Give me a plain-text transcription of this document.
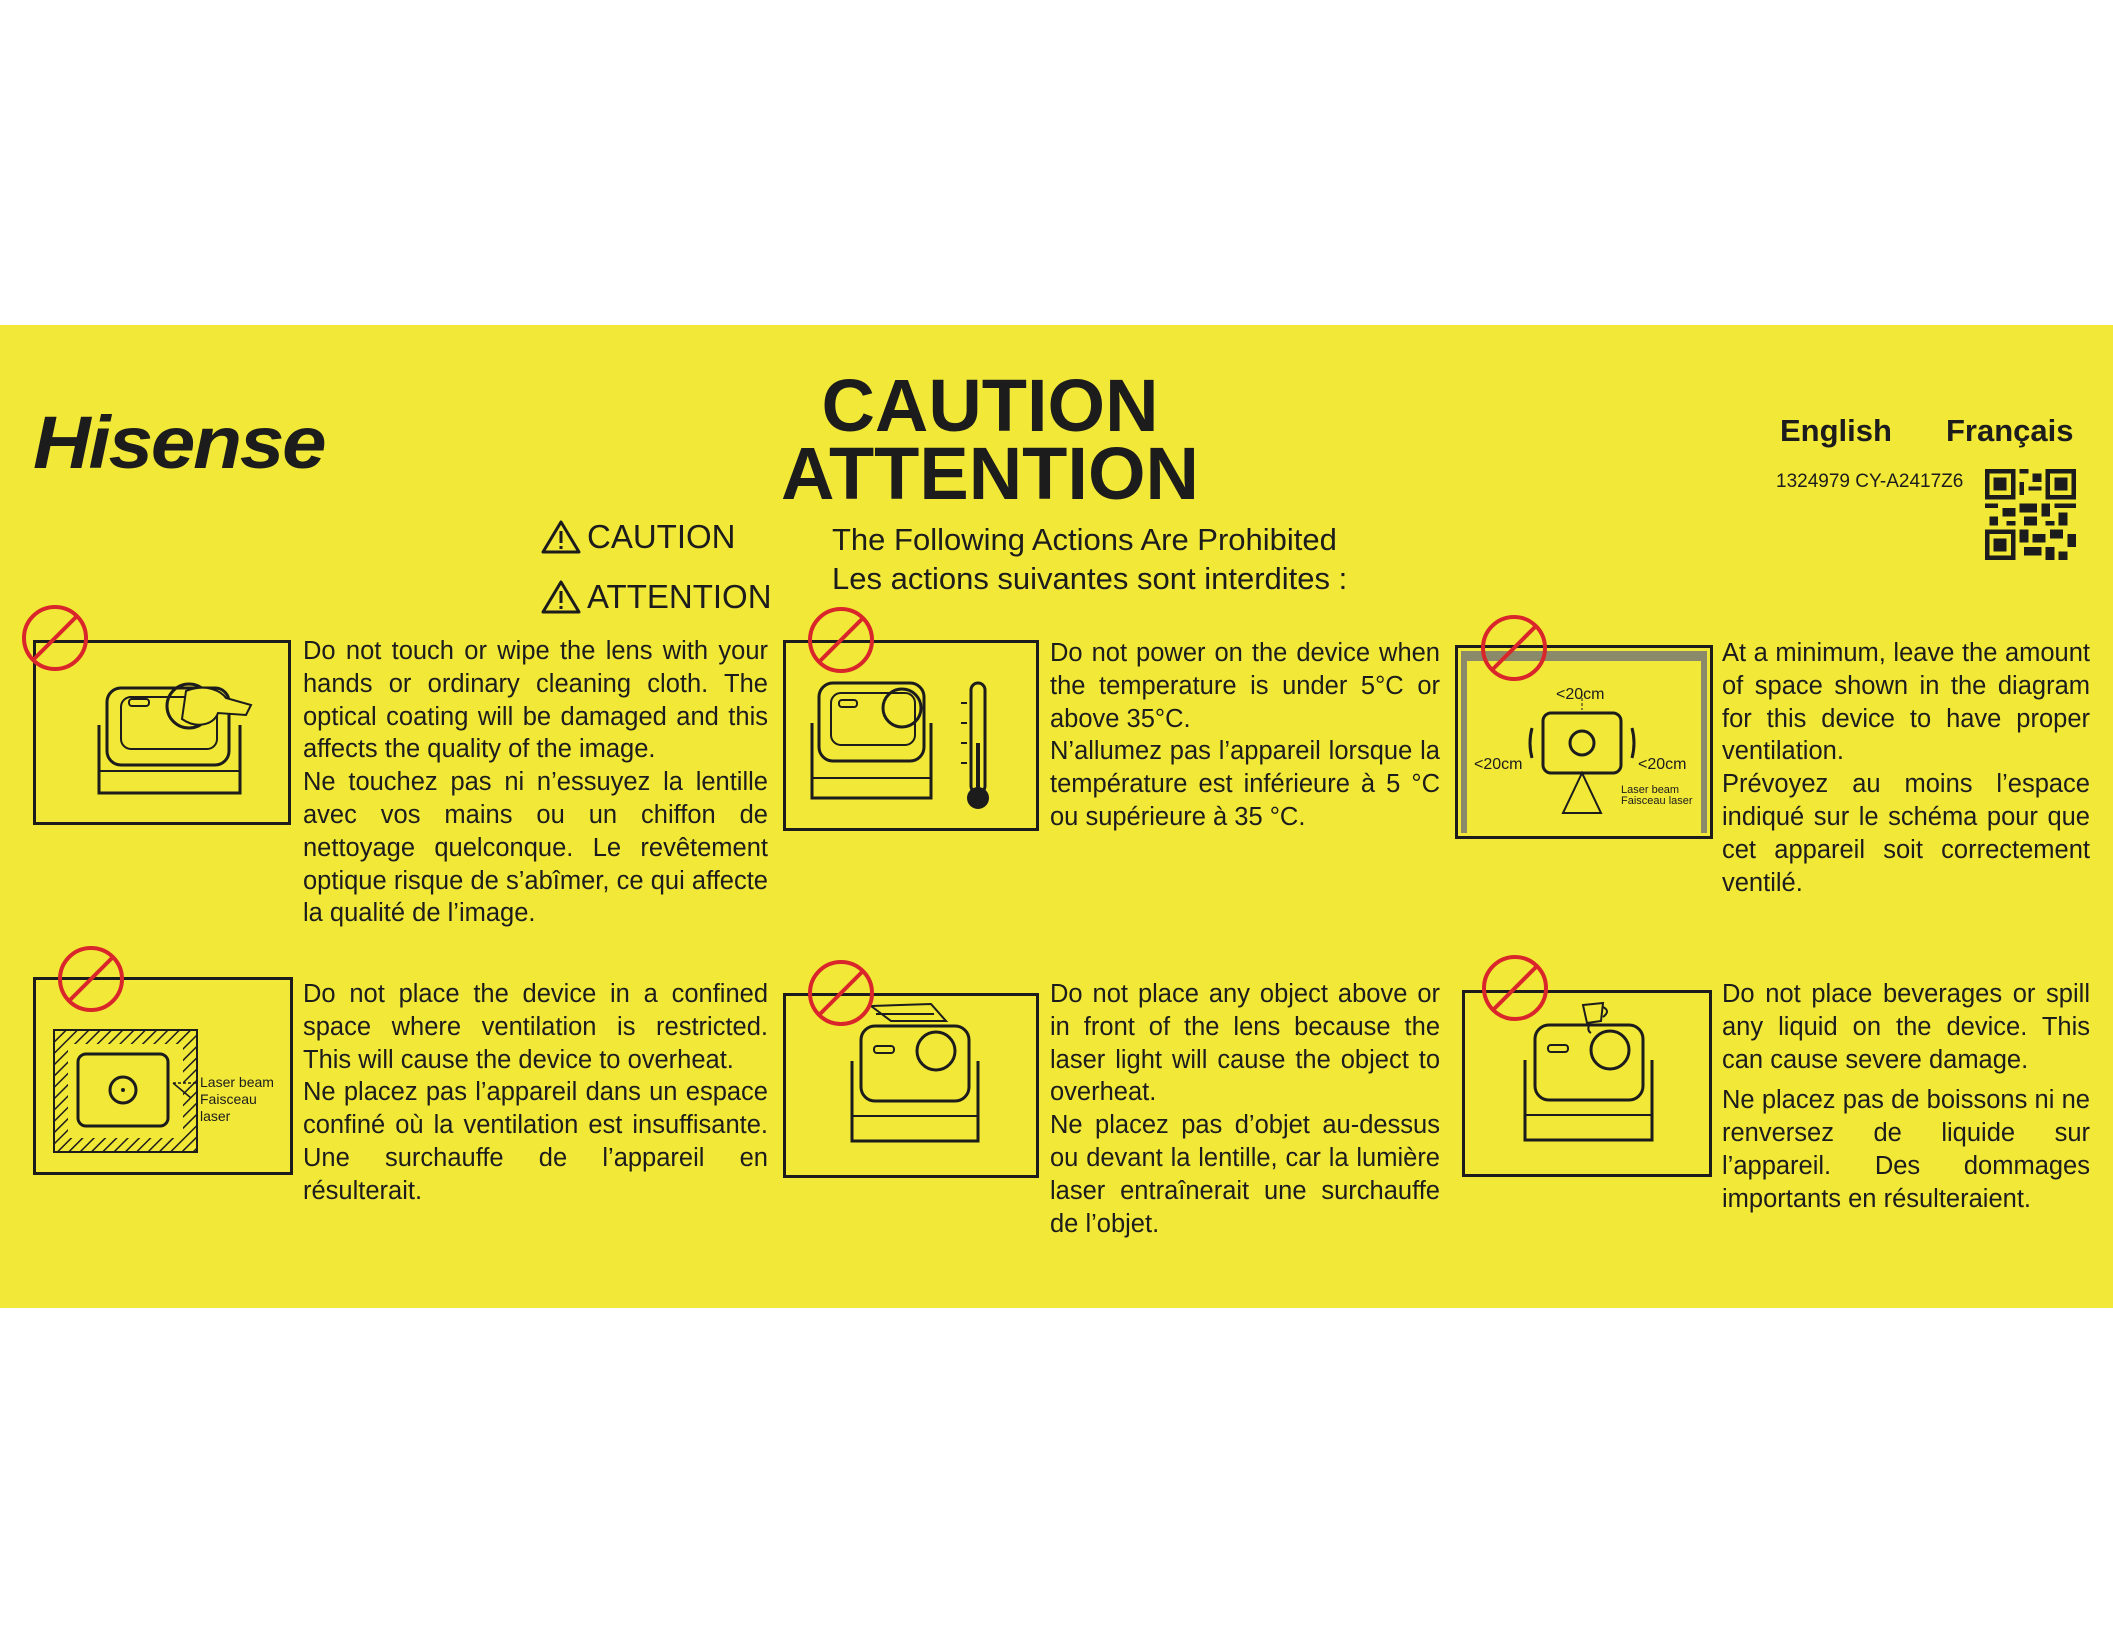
Hisense	CAUTION
ATTENTION
English Français
1324979 CY-A2417Z6
CAUTION
ATTENTION
The Following Actions Are Prohibited
Les actions suivantes sont interdites :

Do not touch or wipe the lens with your hands or ordinary cleaning cloth. The optical coating will be damaged and this affects the quality of the image.

Ne touchez pas ni n’essuyez la lentille avec vos mains ou un chiffon de nettoyage quelconque. Le revêtement optique risque de s’abîmer, ce qui affecte la qualité de l’image.

Do not power on the device when the temperature is under 5°C or above 35°C.

N’allumez pas l’appareil lorsque la température est inférieure à 5 °C ou supérieure à 35 °C.

<20cm
<20cm	<20cm
Laser beam
Faisceau laser

At a minimum, leave the amount of space shown in the diagram for this device to have proper ventilation.

Prévoyez au moins l’espace indiqué sur le schéma pour que cet appareil soit correctement ventilé.

Laser beam
Faisceau
laser

Do not place the device in a confined space where ventilation is restricted. This will cause the device to overheat.

Ne placez pas l’appareil dans un espace confiné où la ventilation est insuffisante. Une surchauffe de l’appareil en résulterait.

Do not place any object above or in front of the lens because the laser light will cause the object to overheat.

Ne placez pas d’objet au-dessus ou devant la lentille, car la lumière laser entraînerait une surchauffe de l’objet.

Do not place beverages or spill any liquid on the device. This can cause severe damage.

Ne placez pas de boissons ni ne renversez de liquide sur l’appareil. Des dommages importants en résulteraient.
